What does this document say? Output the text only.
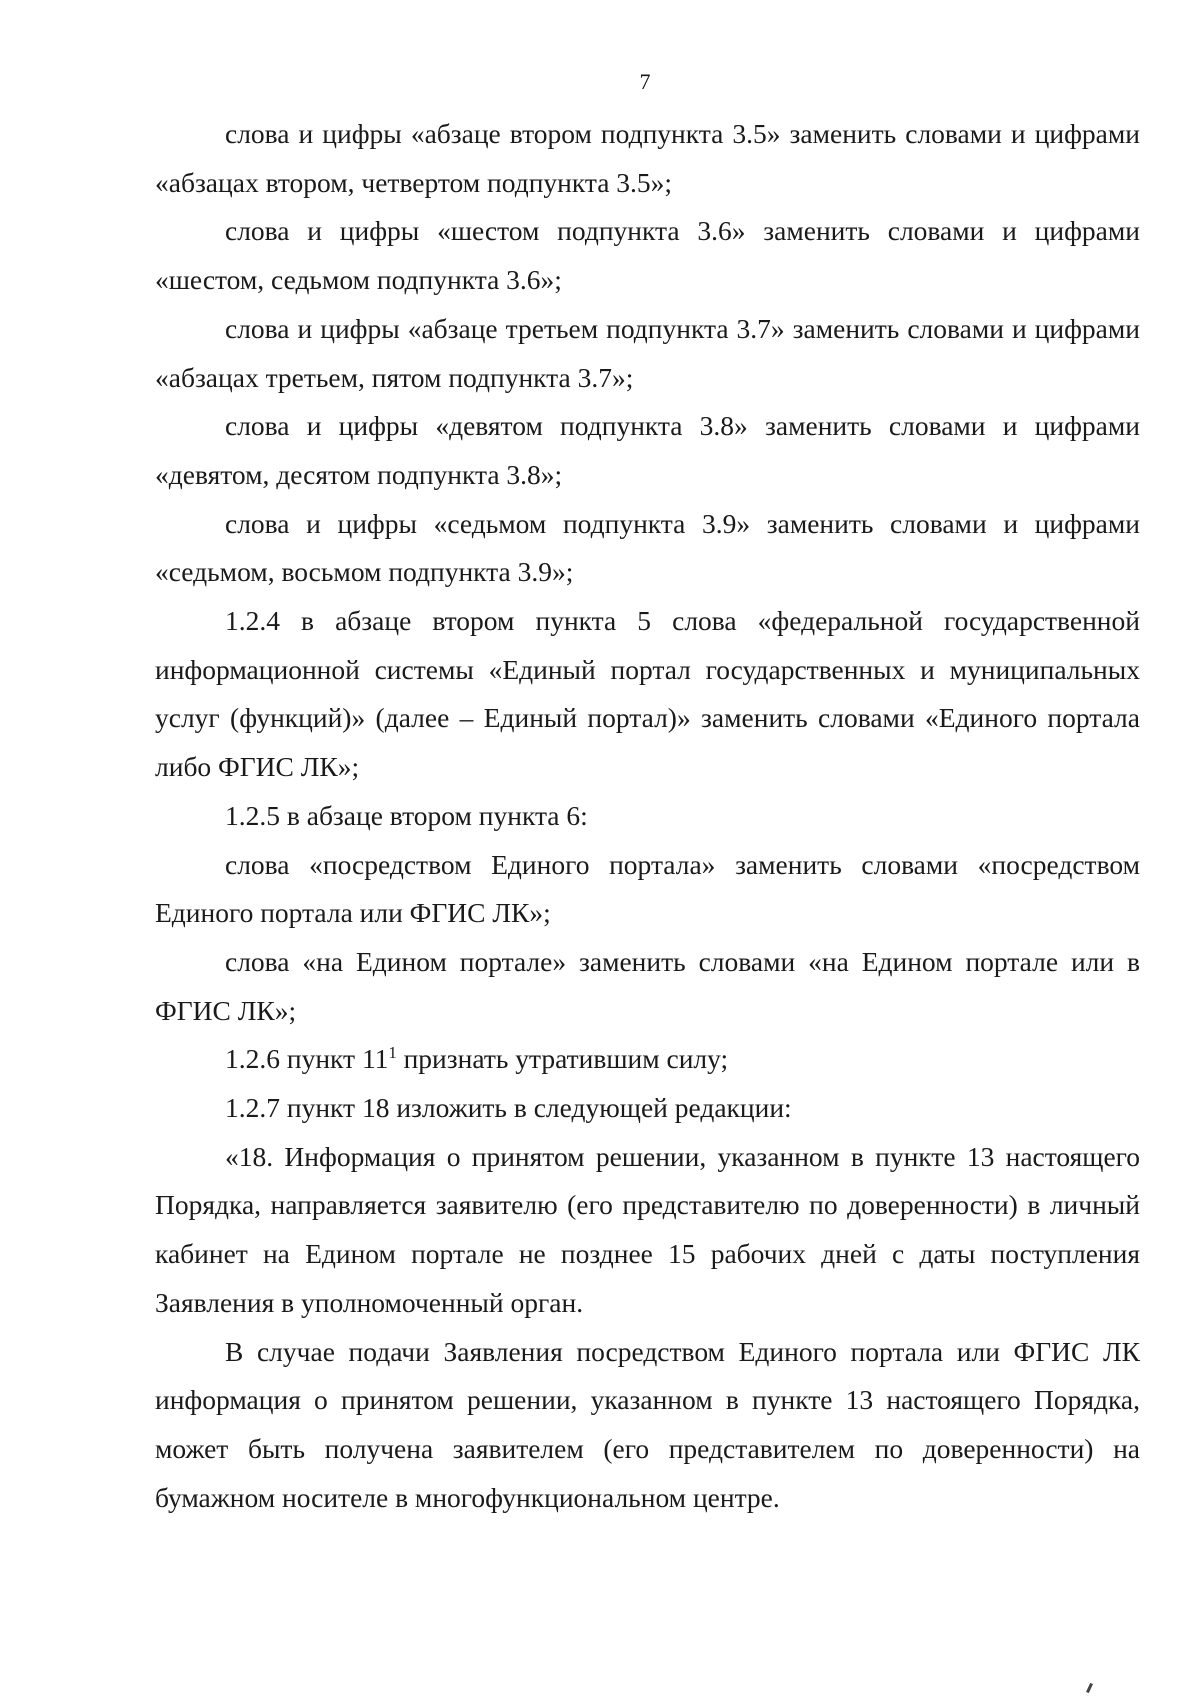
7

слова и цифры «абзаце втором подпункта 3.5» заменить словами и цифрами «абзацах втором, четвертом подпункта 3.5»;

слова и цифры «шестом подпункта 3.6» заменить словами и цифрами «шестом, седьмом подпункта 3.6»;

слова и цифры «абзаце третьем подпункта 3.7» заменить словами и цифрами «абзацах третьем, пятом подпункта 3.7»;

слова и цифры «девятом подпункта 3.8» заменить словами и цифрами «девятом, десятом подпункта 3.8»;

слова и цифры «седьмом подпункта 3.9» заменить словами и цифрами «седьмом, восьмом подпункта 3.9»;

1.2.4 в абзаце втором пункта 5 слова «федеральной государственной информационной системы «Единый портал государственных и муниципальных услуг (функций)» (далее – Единый портал)» заменить словами «Единого портала либо ФГИС ЛК»;

1.2.5 в абзаце втором пункта 6:

слова «посредством Единого портала» заменить словами «посредством Единого портала или ФГИС ЛК»;

слова «на Едином портале» заменить словами «на Едином портале или в ФГИС ЛК»;

1.2.6 пункт $11^1$ признать утратившим силу;

1.2.7 пункт 18 изложить в следующей редакции:

«18. Информация о принятом решении, указанном в пункте 13 настоящего Порядка, направляется заявителю (его представителю по доверенности) в личный кабинет на Едином портале не позднее 15 рабочих дней с даты поступления Заявления в уполномоченный орган.

В случае подачи Заявления посредством Единого портала или ФГИС ЛК информация о принятом решении, указанном в пункте 13 настоящего Порядка, может быть получена заявителем (его представителем по доверенности) на бумажном носителе в многофункциональном центре.
